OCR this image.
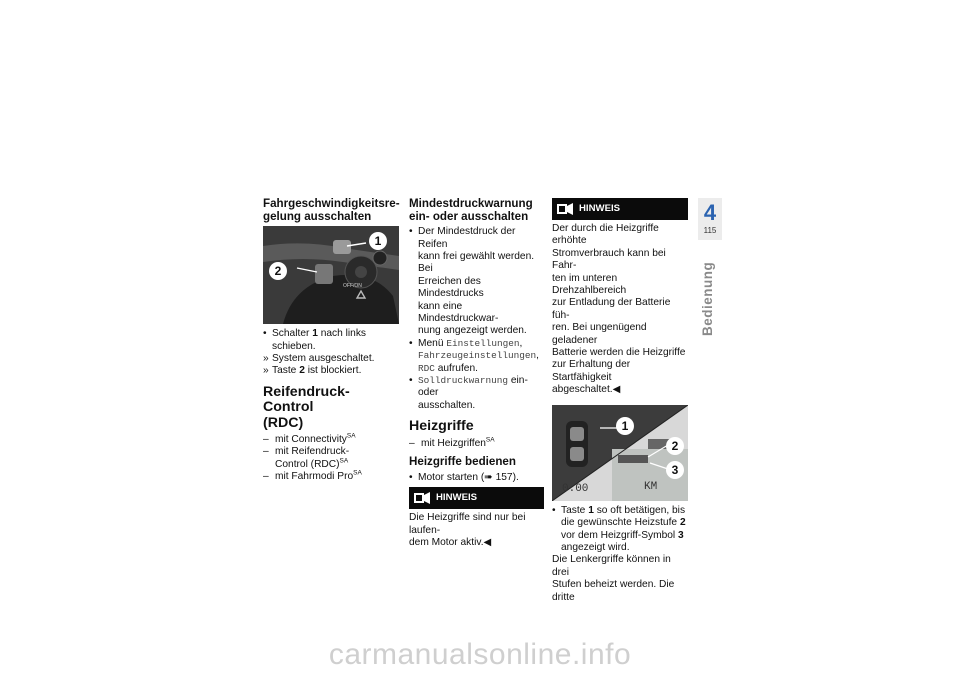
Fahrgeschwindigkeitsre-
gelung ausschalten
1
2
OFF/ON

• Schalter 1 nach links schieben.

» System ausgeschaltet.

» Taste 2 ist blockiert.

Reifendruck-Control
(RDC)

– mit Connectivity$^{SA}$

– mit Reifendruck-
Control (RDC)$^{SA}$

– mit Fahrmodi Pro$^{SA}$

Mindestdruckwarnung
ein- oder ausschalten

• Der Mindestdruck der Reifen
kann frei gewählt werden. Bei
Erreichen des Mindestdrucks
kann eine Mindestdruckwar-
nung angezeigt werden.

• Menü Einstellungen,
Fahrzeugeinstellungen,
RDC aufrufen.

• Solldruckwarnung ein- oder
ausschalten.

Heizgriffe

– mit Heizgriffen$^{SA}$

Heizgriffe bedienen

• Motor starten (➠ 157).

HINWEIS

Die Heizgriffe sind nur bei laufen-
dem Motor aktiv.◀

HINWEIS

Der durch die Heizgriffe erhöhte
Stromverbrauch kann bei Fahr-
ten im unteren Drehzahlbereich
zur Entladung der Batterie füh-
ren. Bei ungenügend geladener
Batterie werden die Heizgriffe
zur Erhaltung der Startfähigkeit
abgeschaltet.◀

1
2
3
0.00	KM

• Taste 1 so oft betätigen, bis
die gewünschte Heizstufe 2
vor dem Heizgriff-Symbol 3
angezeigt wird.

Die Lenkergriffe können in drei
Stufen beheizt werden. Die dritte

4
115
Bedienung
carmanualsonline.info
